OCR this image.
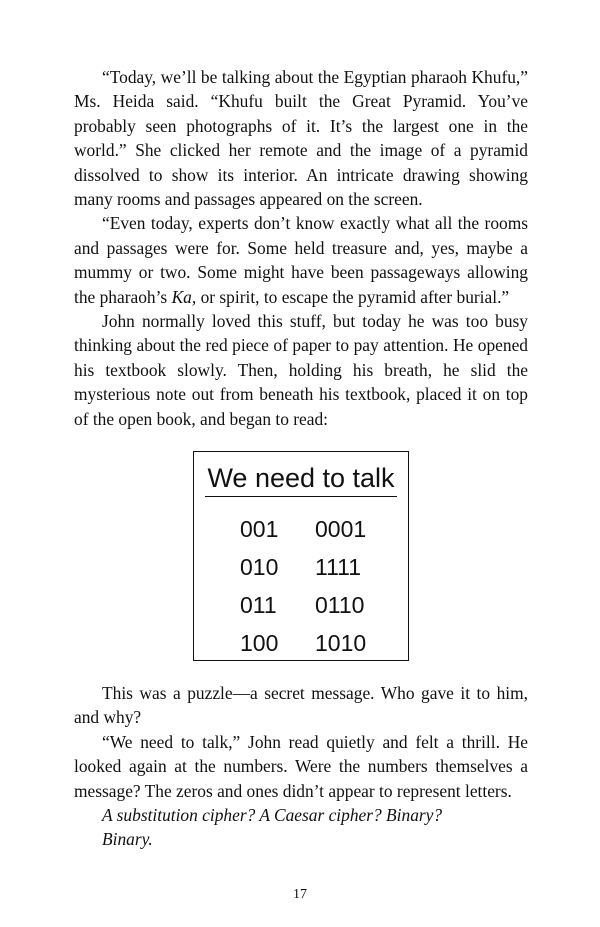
“Today, we’ll be talking about the Egyptian pharaoh Khufu,” Ms. Heida said. “Khufu built the Great Pyramid. You’ve probably seen photographs of it. It’s the largest one in the world.” She clicked her remote and the image of a pyramid dissolved to show its interior. An intricate drawing showing many rooms and passages appeared on the screen.

“Even today, experts don’t know exactly what all the rooms and passages were for. Some held treasure and, yes, maybe a mummy or two. Some might have been passageways allowing the pharaoh’s Ka, or spirit, to escape the pyramid after burial.”

John normally loved this stuff, but today he was too busy thinking about the red piece of paper to pay attention. He opened his textbook slowly. Then, holding his breath, he slid the mysterious note out from beneath his textbook, placed it on top of the open book, and began to read:

We need to talk
001 0001
010 1111
011 0110
100 1010

This was a puzzle—a secret message. Who gave it to him, and why?

“We need to talk,” John read quietly and felt a thrill. He looked again at the numbers. Were the numbers themselves a message? The zeros and ones didn’t appear to represent letters.

A substitution cipher? A Caesar cipher? Binary?

Binary.

17
